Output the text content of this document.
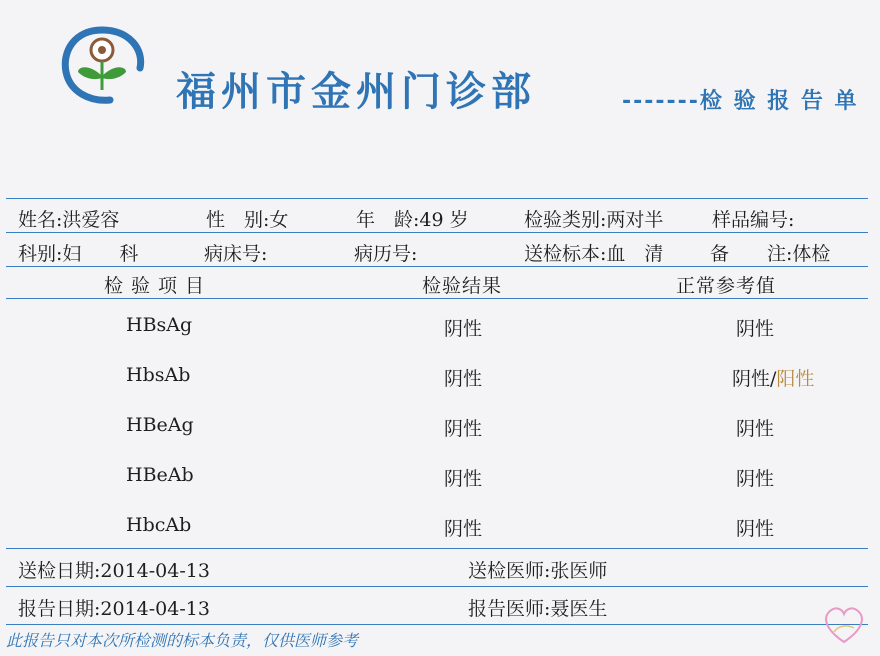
福州市金州门诊部	-------检 验 报 告 单
姓名:洪爱容	性　别:女	年　龄:49 岁	检验类别:两对半	样品编号:
科别:妇　　科	病床号:	病历号:	送检标本:血　清 备　　注:体检
检验项目	检验结果	正常参考值
HBsAg	阴性	阴性
HbsAb	阴性	阴性/阳性
HBeAg	阴性	阴性
HBeAb	阴性	阴性
HbcAb	阴性	阴性
送检日期:2014-04-13	送检医师:张医师
报告日期:2014-04-13	报告医师:聂医生
此报告只对本次所检测的标本负责，仅供医师参考
